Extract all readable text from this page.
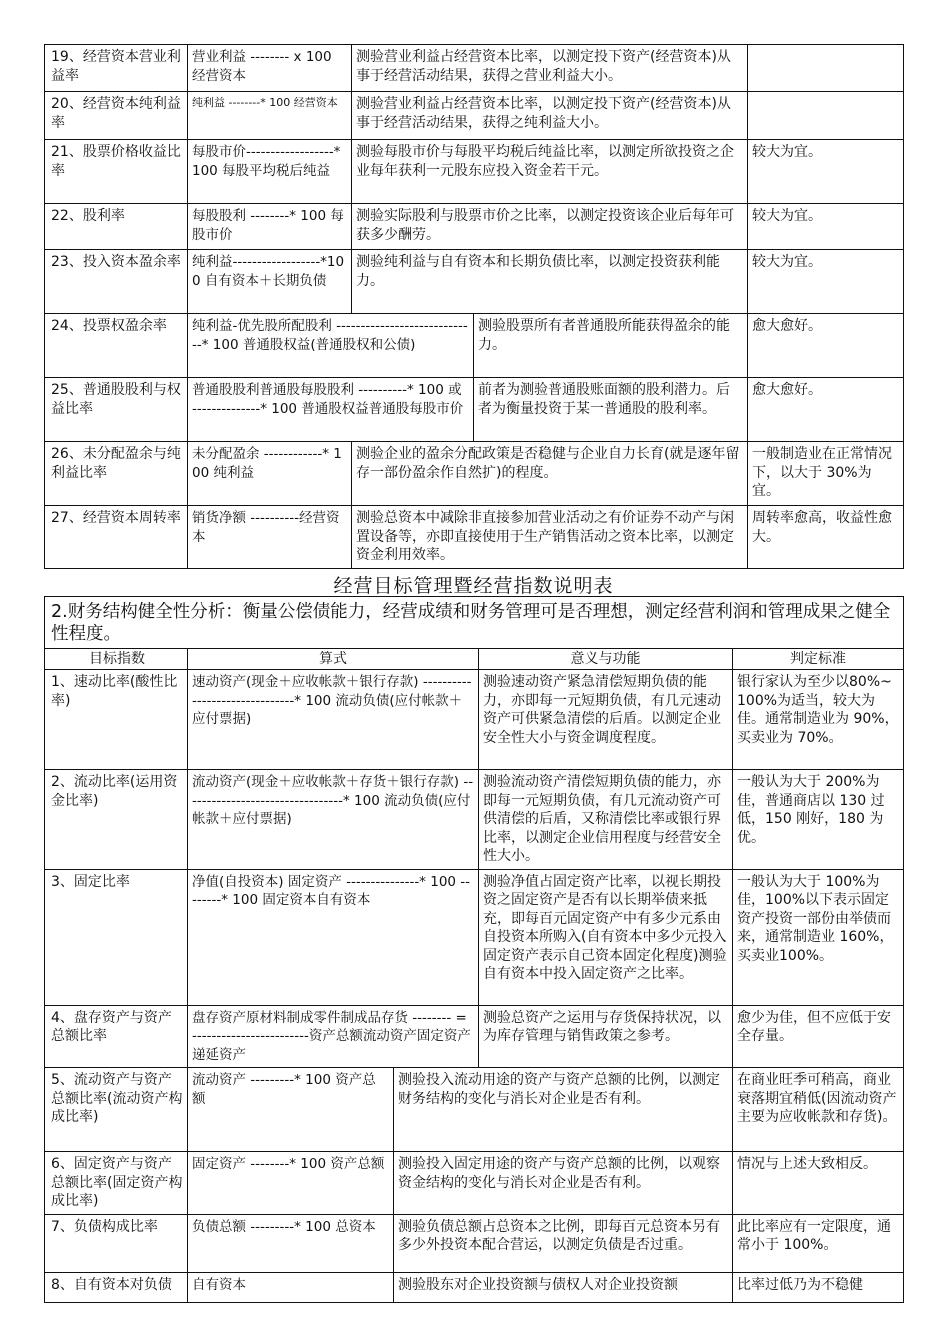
19、经营资本营业利益率	营业利益 -------- x 100 经营资本	测验营业利益占经营资本比率，以测定投下资产(经营资本)从事于经营活动结果，获得之营业利益大小。		
20、经营资本纯利益率	纯利益 --------* 100 经营资本	测验营业利益占经营资本比率，以测定投下资产(经营资本)从事于经营活动结果，获得之纯利益大小。		
21、股票价格收益比率	每股市价------------------*100 每股平均税后纯益	测验每股市价与每股平均税后纯益比率，以测定所欲投资之企业每年获利一元股东应投入资金若干元。		较大为宜。
22、股利率	每股股利 --------* 100 每股市价	测验实际股利与股票市价之比率，以测定投资该企业后每年可获多少酬劳。		较大为宜。
23、投入资本盈余率	纯利益------------------*100 自有资本＋长期负债	测验纯利益与自有资本和长期负债比率，以测定投资获利能力。		较大为宜。
24、投票权盈余率	纯利益-优先股所配股利 -----------------------------* 100 普通股权益(普通股权和公债)		测验股票所有者普通股所能获得盈余的能力。	愈大愈好。
25、普通股股利与权益比率	普通股股利普通股每股股利 ----------* 100 或 --------------* 100 普通股权益普通股每股市价		前者为测验普通股账面额的股利潜力。后者为衡量投资于某一普通股的股利率。	愈大愈好。
26、未分配盈余与纯利益比率	未分配盈余 ------------* 100 纯利益	测验企业的盈余分配政策是否稳健与企业自力长育(就是逐年留存一部份盈余作自然扩)的程度。		一般制造业在正常情况下，以大于 30%为宜。
27、经营资本周转率	销货净额 ----------经营资本	测验总资本中减除非直接参加营业活动之有价证券不动产与闲置设备等，亦即直接使用于生产销售活动之资本比率，以测定资金利用效率。		周转率愈高，收益性愈大。
经营目标管理暨经营指数说明表
2.财务结构健全性分析：衡量公偿债能力，经营成绩和财务管理可是否理想，测定经营利润和管理成果之健全性程度。				
目标指数	算式		意义与功能	判定标准
1、速动比率(酸性比率)	速动资产(现金＋应收帐款＋银行存款) -------------------------------* 100 流动负债(应付帐款＋应付票据)		测验速动资产紧急清偿短期负债的能力，亦即每一元短期负债，有几元速动资产可供紧急清偿的后盾。以测定企业安全性大小与资金调度程度。	银行家认为至少以80%~100%为适当，较大为佳。通常制造业为 90%，买卖业为 70%。
2、流动比率(运用资金比率)	流动资产(现金＋应收帐款＋存货＋银行存款) ---------------------------------* 100 流动负债(应付帐款＋应付票据)		测验流动资产清偿短期负债的能力，亦即每一元短期负债，有几元流动资产可供清偿的后盾，又称清偿比率或银行界比率，以测定企业信用程度与经营安全性大小。	一般认为大于 200%为佳，普通商店以 130 过低，150 刚好，180 为优。
3、固定比率	净值(自投资本) 固定资产 ---------------* 100 --------* 100 固定资本自有资本		测验净值占固定资产比率，以视长期投资之固定资产是否有以长期举债来抵充，即每百元固定资产中有多少元系由自投资本所购入(自有资本中多少元投入固定资产表示自己资本固定化程度)测验自有资本中投入固定资产之比率。	一般认为大于 100%为佳，100%以下表示固定资产投资一部份由举债而来，通常制造业 160%，买卖业100%。
4、盘存资产与资产总额比率	盘存资产原材料制成零件制成品存货 -------- = ------------------------资产总额流动资产固定资产递延资产		测验总资产之运用与存货保持状况，以为库存管理与销售政策之参考。	愈少为佳，但不应低于安全存量。
5、流动资产与资产总额比率(流动资产构成比率)	流动资产 ---------* 100 资产总额	测验投入流动用途的资产与资产总额的比例，以测定财务结构的变化与消长对企业是否有利。		在商业旺季可稍高，商业衰落期宜稍低(因流动资产主要为应收帐款和存货)。
6、固定资产与资产总额比率(固定资产构成比率)	固定资产 --------* 100 资产总额	测验投入固定用途的资产与资产总额的比例，以观察资金结构的变化与消长对企业是否有利。		情况与上述大致相反。
7、负债构成比率	负债总额 ---------* 100 总资本	测验负债总额占总资本之比例，即每百元总资本另有多少外投资本配合营运，以测定负债是否过重。		此比率应有一定限度，通常小于 100%。
8、自有资本对负债	自有资本	测验股东对企业投资额与债权人对企业投资额		比率过低乃为不稳健
